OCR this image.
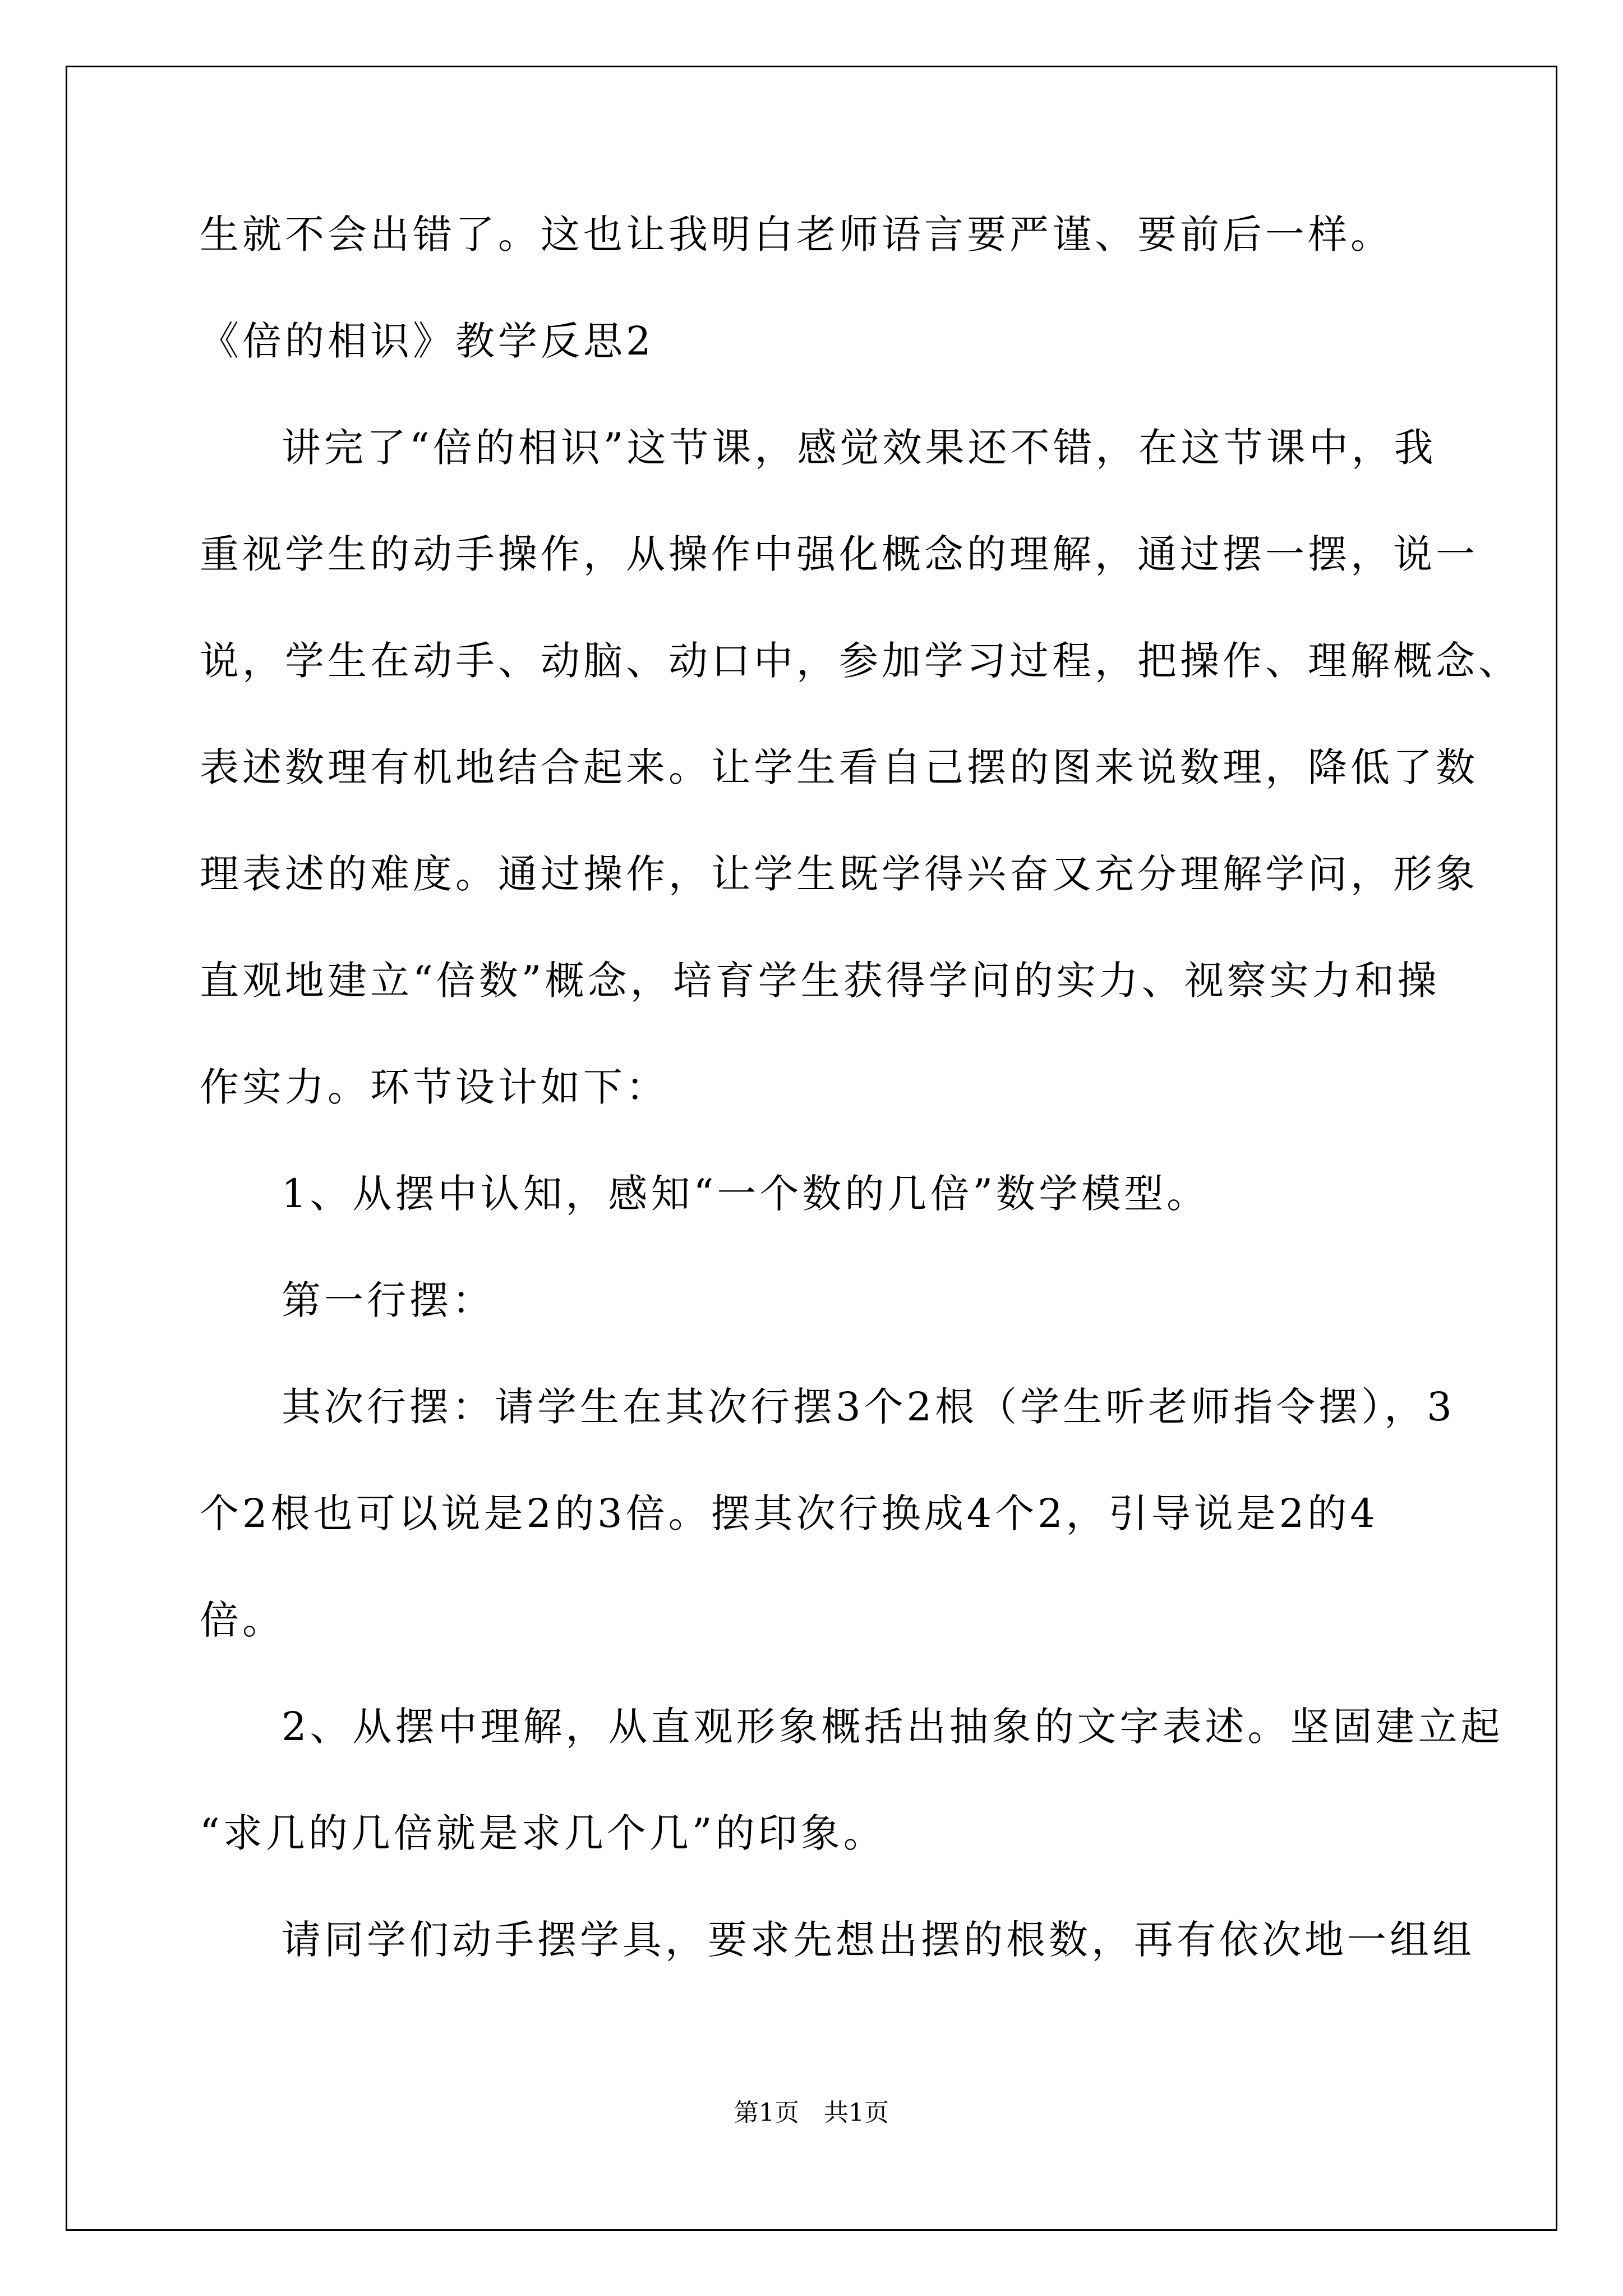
生就不会出错了。这也让我明白老师语言要严谨、要前后一样。
《倍的相识》教学反思2
讲完了“倍的相识”这节课，感觉效果还不错，在这节课中，我
重视学生的动手操作，从操作中强化概念的理解，通过摆一摆，说一
说，学生在动手、动脑、动口中，参加学习过程，把操作、理解概念、
表述数理有机地结合起来。让学生看自己摆的图来说数理，降低了数
理表述的难度。通过操作，让学生既学得兴奋又充分理解学问，形象
直观地建立“倍数”概念，培育学生获得学问的实力、视察实力和操
作实力。环节设计如下：
1、从摆中认知，感知“一个数的几倍”数学模型。
第一行摆：
其次行摆：请学生在其次行摆3个2根（学生听老师指令摆），3
个2根也可以说是2的3倍。摆其次行换成4个2，引导说是2的4
倍。
2、从摆中理解，从直观形象概括出抽象的文字表述。坚固建立起
“求几的几倍就是求几个几”的印象。
请同学们动手摆学具，要求先想出摆的根数，再有依次地一组组
第1页　共1页
